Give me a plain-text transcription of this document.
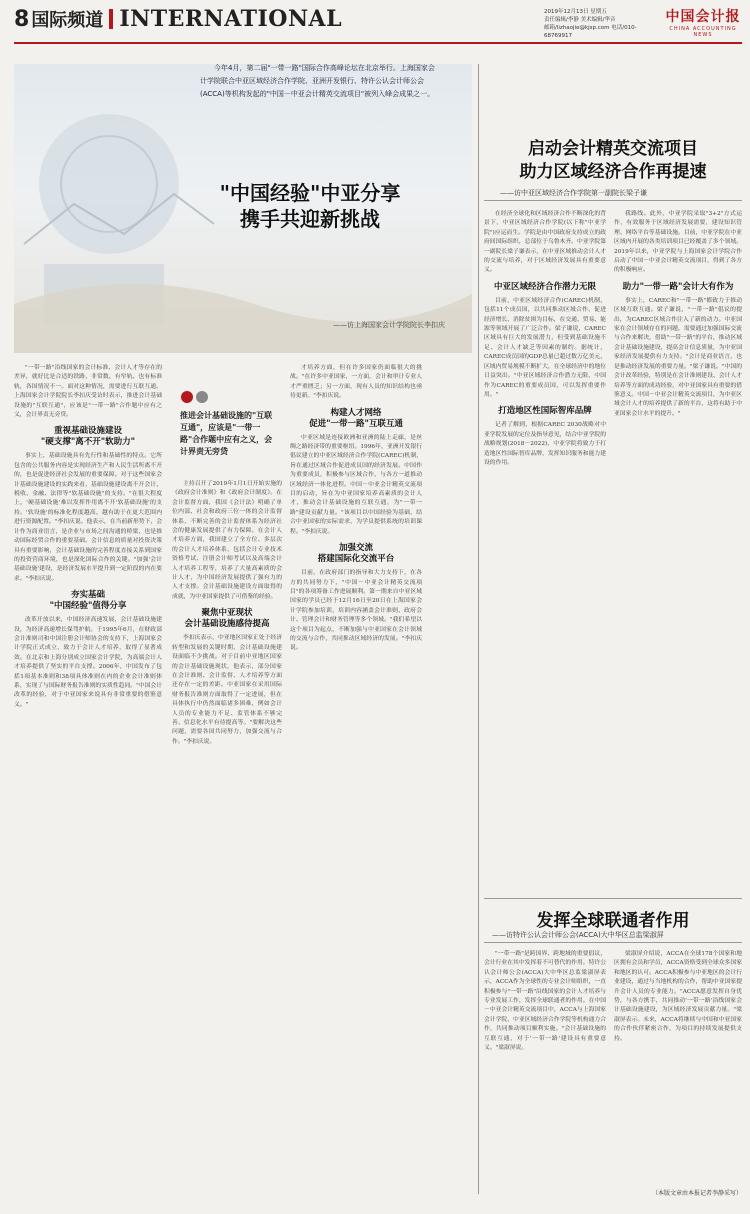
8 国际频道 INTERNATIONAL	2019年12月13日 星期五
责任编辑/李静 美术编辑/华音
邮箱/lizhaojie@kjsp.com 电话/010-68769917
中国会计报
CHINA ACCOUNTING NEWS
今年4月，第二届"一带一路"国际合作高峰论坛在北京举行。上海国家会计学院联合中亚区域经济合作学院、亚洲开发银行、特许公认会计师公会(ACCA)等机构发起的"中国－中亚会计精英交流项目"被列入峰会成果之一。
"中国经验"中亚分享
携手共迎新挑战
——访上海国家会计学院院长李扣庆
启动会计精英交流项目
助力区域经济合作再提速
——访中亚区域经济合作学院第一副院长梁子谦

"一带一路"沿线国家的会计标准、会计人才等存在的差异，就好比是合适的铁路、非常数、有窄轨、也有标准轨，各国情况不一。面对这种情况，需要进行互联互通。上海国家会计学院院长李扣庆受访时表示，推进会计基础设施的"互联互通"，应该是"一带一路"合作题中应有之义，会计界责无旁贷。

重视基础设施建设
"硬支撑"离不开"软助力"

事实上，基础设施具有先行性和基础性的特点。它所包含的公共服务内容是实现经济生产和人民生活所离不开的，也是促进经济社会发展的重要保障。对于这些国家会计基础设施建设的实践来看，基础设施建设离不开会计、税收、金融、法律等"软基础设施"的支持。"在很大程度上，'硬基础设施'难以发挥作用离不开'软基础设施'的支持。'软设施'的标准化程度越高，越有助于在更大范围内进行资源配置。"李扣庆说。他表示，在当前新形势下，会计作为商业语言，是企业与市场之间沟通的桥梁，也是推动国际经贸合作的重要基础。会计信息的质量对投资决策具有重要影响，会计基础设施的完善程度直接关系到国家的投资营商环境，也是深化国际合作的关键。"加强'会计基础设施'建设，是经济发展水平提升到一定阶段的内在要求。"李扣庆说。

夯实基础
"中国经验"值得分享

改革开放以来，中国经济高速发展，会计基础设施建设，为经济高速增长保驾护航。于1995年6月，在财政部会计准则司和中国注册会计师协会的支持下，上海国家会计学院正式成立，致力于会计人才培养，取得了显著成效。在北京和上海分别成立国家会计学院，为高端会计人才培养提供了坚实的平台支撑。2006年，中国发布了包括1项基本准则和38项具体准则在内的企业会计准则体系，实现了与国际财务报告准则的实质性趋同。"中国会计改革的经验，对于中亚国家来说具有非常重要的借鉴意义。"

推进会计基础设施的"互联互通"，应该是"一带一路"合作题中应有之义，会计界责无旁贷

主持召开了2019年1月1日开始实施的《政府会计准则》和《政府会计制度》。在会计监督方面，我国《会计法》明确了单位内部、社会和政府三位一体的会计监督体系，不断完善的会计监督体系为经济社会的健康发展提供了有力保障。在会计人才培养方面，我国建立了全方位、多层次的会计人才培养体系，包括会计专业技术资格考试、注册会计师考试以及高端会计人才培养工程等，培养了大量高素质的会计人才，为中国经济发展提供了强有力的人才支撑。会计基础设施建设方面取得的成就，为中亚国家提供了可借鉴的经验。

聚焦中亚现状
会计基础设施感待提高

李扣庆表示，中亚地区国家正处于经济转型和发展的关键时期，会计基础设施建设面临不少挑战。对于目前中亚地区国家的会计基础设施现状，他表示，部分国家在会计准则、会计监督、人才培养等方面还存在一定的差距。中亚国家在采用国际财务报告准则方面取得了一定进展，但在具体执行中仍然面临诸多困难，例如会计人员的专业能力不足、监管体系不够完善、信息化水平有待提高等。"要解决这些问题，需要各国共同努力，加强交流与合作。"李扣庆说。

才培养方面，但在许多国家仍面临很大的挑战。"在许多中亚国家，一方面，会计和审计专业人才严重匮乏；另一方面，现有人员的知识结构也亟待更新。"李扣庆说。

构建人才网络
促进"一带一路"互联互通

中亚区域是连接欧洲和亚洲的陆上走廊，是丝绸之路经济带的重要枢纽。1996年，亚洲开发银行倡议建立的中亚区域经济合作学院(CAREC)机制，旨在通过区域合作促进成员国的经济发展。中国作为重要成员，积极参与区域合作，与各方一道推动区域经济一体化进程。中国－中亚会计精英交流项目的启动，旨在为中亚国家培养高素质的会计人才，推动会计基础设施的互联互通，为"一带一路"建设贡献力量。"该项目以中国经验为基础，结合中亚国家的实际需求，为学员提供系统的培训课程。"李扣庆说。

加强交流
搭建国际化交流平台

目前，在政府部门的指导和大力支持下，在各方的共同努力下，"中国－中亚会计精英交流项目"的各项筹备工作进展顺利。第一期来自中亚区域国家的学员已经于12月16日至20日在上海国家会计学院参加培训，培训内容涵盖会计准则、政府会计、管理会计和财务管理等多个领域。"我们希望以这个项目为起点，不断加强与中亚国家在会计领域的交流与合作，共同推动区域经济的发展。"李扣庆说。

在经济全球化和区域经济合作不断深化的背景下，中亚区域经济合作学院(以下称"中亚学院")应运而生。学院是由中国政府支持成立的政府间国际组织，总部位于乌鲁木齐。中亚学院第一副院长梁子谦表示，在中亚区域推动会计人才的交流与培养，对于区域经济发展具有重要意义。

中亚区域经济合作潜力无限

目前，中亚区域经济合作(CAREC)机制，包括11个成员国，以共同推动区域合作、促进经济增长、消除贫困为目标，在交通、贸易、能源等领域开展了广泛合作。梁子谦说，CAREC区域具有巨大的发展潜力，但受到基础设施不足、会计人才缺乏等因素的制约。据统计，CAREC成员国的GDP总量已超过数万亿美元，区域内贸易规模不断扩大，在全球经济中的地位日益突出。"中亚区域经济合作潜力无限，中国作为CAREC的重要成员国，可以发挥重要作用。"

打造地区性国际智库品牌

记者了解到，根据CAREC 2030战略对中亚学院发展的定位及指导意见，结合中亚学院的战略规划(2018－2022)，中亚学院将致力于打造地区性国际智库品牌，发挥知识服务和能力建设的作用。

我路线。此外，中亚学院采取"3+2"方式运作，有效服务于区域经济发展需要，建设知识管理、网络平台等基础设施。目前，中亚学院在中亚区域内开展的各类培训项目已经覆盖了多个领域。2019年以来，中亚学院与上海国家会计学院合作启动了中国－中亚会计精英交流项目，得到了各方的积极响应。

助力"一带一路"会计大有作为

事实上，CAREC和"一带一路"都致力于推动区域互联互通。梁子谦说，"一带一路"倡议的提出，为CAREC区域合作注入了新的动力。中亚国家在会计领域存在的问题，需要通过加强国际交流与合作来解决，借助"一带一路"的平台，推动区域会计基础设施建设，提高会计信息质量，为中亚国家经济发展提供有力支持。"会计是商业语言，也是推动经济发展的重要力量。"梁子谦说。"中国的会计改革经验，特别是在会计准则建设、会计人才培养等方面的成功经验，对中亚国家具有重要的借鉴意义。中国－中亚会计精英交流项目，为中亚区域会计人才的培养提供了新的平台，这将有助于中亚国家会计水平的提升。"

发挥全球联通者作用
——访特许公认会计师公会(ACCA)大中华区总监梁淑屏

"一带一路"是跨国界、跨地域的重要倡议，会计行业在其中发挥着不可替代的作用。特许公认会计师公会(ACCA)大中华区总监梁淑屏表示，ACCA作为全球性的专业会计师组织，一直积极参与"一带一路"沿线国家的会计人才培养与专业发展工作，发挥全球联通者的作用。在中国－中亚会计精英交流项目中，ACCA与上海国家会计学院、中亚区域经济合作学院等机构通力合作，共同推动项目顺利实施。"会计基础设施的互联互通，对于'一带一路'建设具有重要意义。"梁淑屏说。

梁淑屏介绍说，ACCA在全球178个国家和地区拥有会员和学员，ACCA资格受到全球众多国家和地区的认可。ACCA积极参与中亚地区的会计行业建设，通过与当地机构的合作，帮助中亚国家提升会计人员的专业能力。"ACCA愿意发挥自身优势，与各方携手，共同推动'一带一路'沿线国家会计基础设施建设，为区域经济发展贡献力量。"梁淑屏表示。未来，ACCA将继续与中国和中亚国家的合作伙伴紧密合作，为项目的持续发展提供支持。

（本版文章由本报记者李静采写）
